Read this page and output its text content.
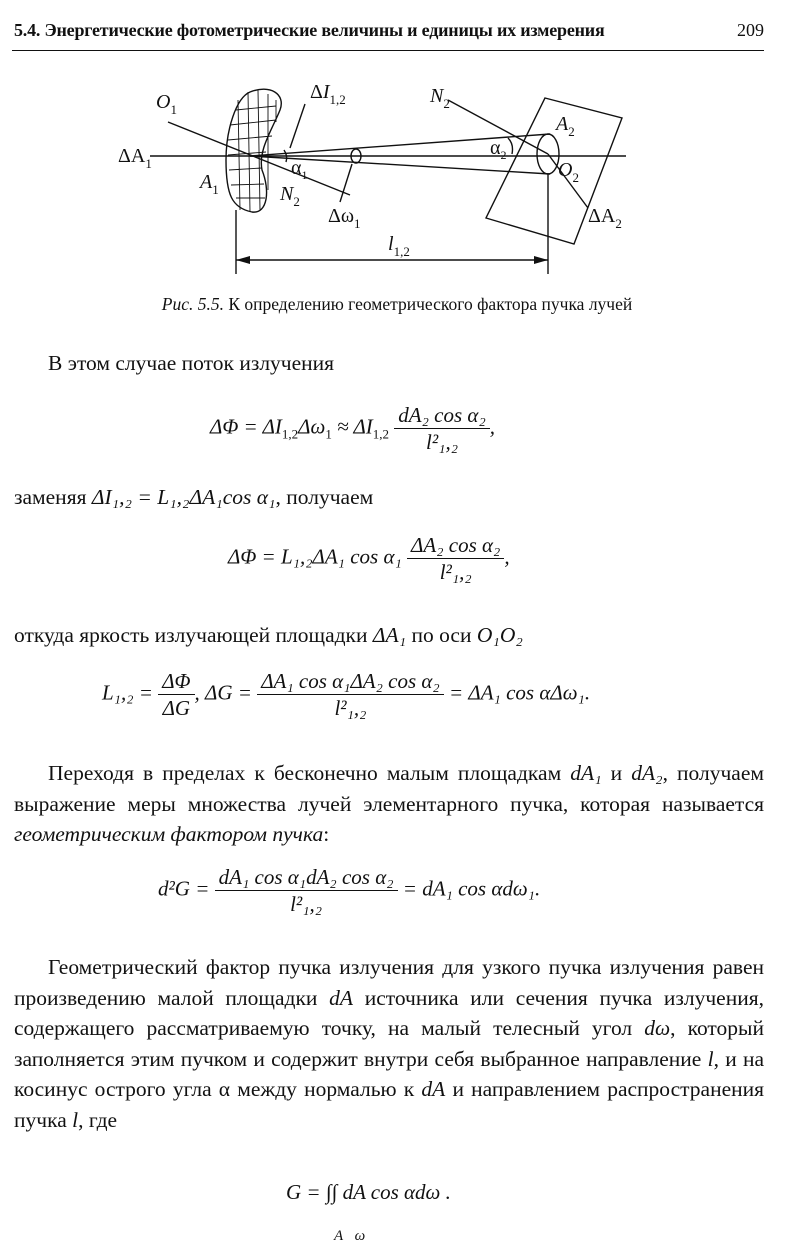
5.4. Энергетические фотометрические величины и единицы их измерения	209
$O_1$
$\Delta A_1$
$A_1$
$\Delta I_{1,2}$
$\alpha_1$
$N_2$
$\Delta\omega_1$
$N_2$
$\alpha_2$
$A_2$
$O_2$
$\Delta A_2$
$l_{1,2}$
Рис. 5.5. К определению геометрического фактора пучка лучей
В этом случае поток излучения
$\Delta\Phi = \Delta I_{1,2}\Delta\omega_1 \approx \Delta I_{1,2} \frac{\text{dA₂ cos α₂}}{\text{l²₁,₂}}$ ,
заменяя ΔI₁,₂ = L₁,₂ΔA₁cos α₁, получаем
ΔΦ = L₁,₂ΔA₁ $\cos \alpha_1 \frac{\text{ΔA₂ cos α₂}}{\text{l²₁,₂}}$ ,
откуда яркость излучающей площадки ΔA₁ по оси O₁O₂
$L_1,_2 = \frac{\Delta\Phi}{\Delta G}$ , $\Delta G = \frac{\text{ΔA₁ cos α₁ΔA₂ cos α₂}}{\text{l²₁,₂}} = \Delta A_1$ cos αΔω₁.
Переходя в пределах к бесконечно малым площадкам dA₁ и dA₂, получаем выражение меры множества лучей элементарного пучка, которая называется геометрическим фактором пучка:
$d^2G = \frac{\text{dA₁ cos α₁dA₂ cos α₂}}{\text{l²₁,₂}} = dA_1$ cos αdω₁.
Геометрический фактор пучка излучения для узкого пучка излучения равен произведению малой площадки dA источника или сечения пучка излучения, содержащего рассматриваемую точку, на малый телесный угол dω, который заполняется этим пучком и содержит внутри себя выбранное направление l, и на косинус острого угла α между нормалью к dA и направлением распространения пучка l, где
G = ∫∫ dA cos αdω .
A ω
